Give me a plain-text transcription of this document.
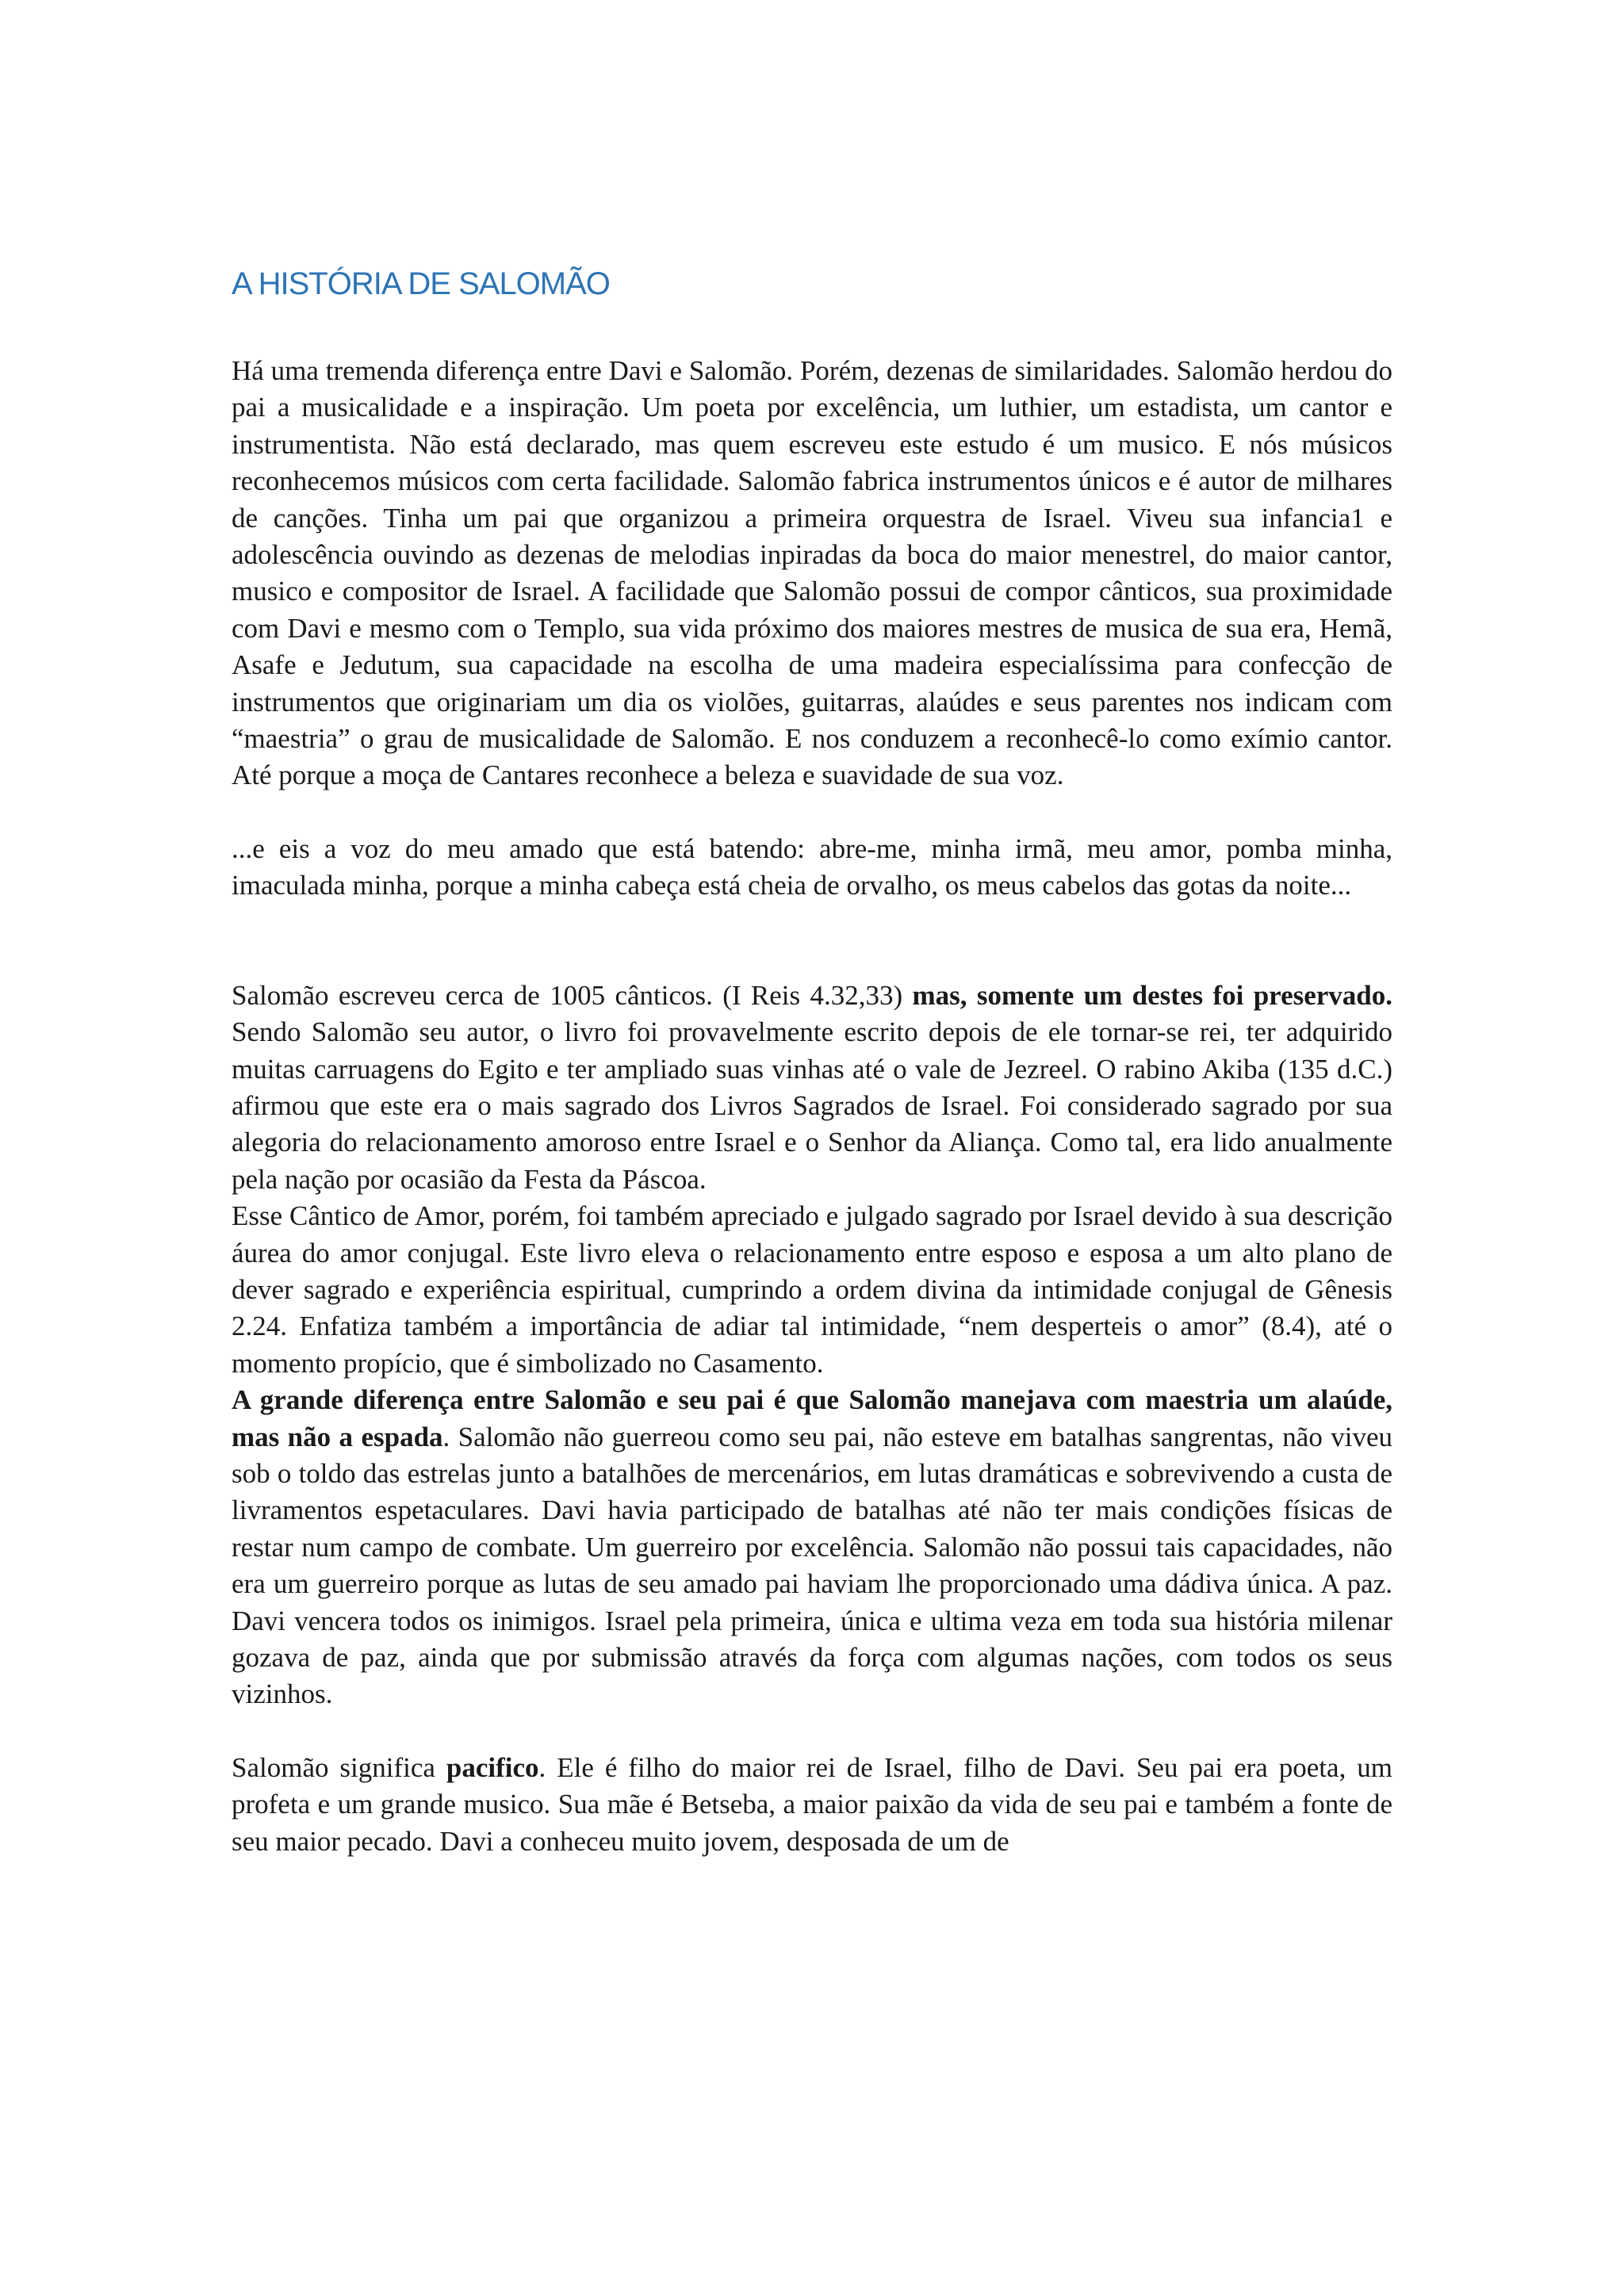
A HISTÓRIA DE SALOMÃO

Há uma tremenda diferença entre Davi e Salomão. Porém, dezenas de similaridades. Salomão herdou do pai a musicalidade e a inspiração. Um poeta por excelência, um luthier, um estadista, um cantor e instrumentista. Não está declarado, mas quem escreveu este estudo é um musico. E nós músicos reconhecemos músicos com certa facilidade. Salomão fabrica instrumentos únicos e é autor de milhares de canções. Tinha um pai que organizou a primeira orquestra de Israel. Viveu sua infancia1 e adolescência ouvindo as dezenas de melodias inpiradas da boca do maior menestrel, do maior cantor, musico e compositor de Israel. A facilidade que Salomão possui de compor cânticos, sua proximidade com Davi e mesmo com o Templo, sua vida próximo dos maiores mestres de musica de sua era, Hemã, Asafe e Jedutum, sua capacidade na escolha de uma madeira especialíssima para confecção de instrumentos que originariam um dia os violões, guitarras, alaúdes e seus parentes nos indicam com “maestria” o grau de musicalidade de Salomão. E nos conduzem a reconhecê-lo como exímio cantor. Até porque a moça de Cantares reconhece a beleza e suavidade de sua voz.

...e eis a voz do meu amado que está batendo: abre-me, minha irmã, meu amor, pomba minha, imaculada minha, porque a minha cabeça está cheia de orvalho, os meus cabelos das gotas da noite...

Salomão escreveu cerca de 1005 cânticos. (I Reis 4.32,33) mas, somente um destes foi preservado. Sendo Salomão seu autor, o livro foi provavelmente escrito depois de ele tornar-se rei, ter adquirido muitas carruagens do Egito e ter ampliado suas vinhas até o vale de Jezreel. O rabino Akiba (135 d.C.) afirmou que este era o mais sagrado dos Livros Sagrados de Israel. Foi considerado sagrado por sua alegoria do relacionamento amoroso entre Israel e o Senhor da Aliança. Como tal, era lido anualmente pela nação por ocasião da Festa da Páscoa.

Esse Cântico de Amor, porém, foi também apreciado e julgado sagrado por Israel devido à sua descrição áurea do amor conjugal. Este livro eleva o relacionamento entre esposo e esposa a um alto plano de dever sagrado e experiência espiritual, cumprindo a ordem divina da intimidade conjugal de Gênesis 2.24. Enfatiza também a importância de adiar tal intimidade, “nem desperteis o amor” (8.4), até o momento propício, que é simbolizado no Casamento.

A grande diferença entre Salomão e seu pai é que Salomão manejava com maestria um alaúde, mas não a espada. Salomão não guerreou como seu pai, não esteve em batalhas sangrentas, não viveu sob o toldo das estrelas junto a batalhões de mercenários, em lutas dramáticas e sobrevivendo a custa de livramentos espetaculares. Davi havia participado de batalhas até não ter mais condições físicas de restar num campo de combate. Um guerreiro por excelência. Salomão não possui tais capacidades, não era um guerreiro porque as lutas de seu amado pai haviam lhe proporcionado uma dádiva única. A paz. Davi vencera todos os inimigos. Israel pela primeira, única e ultima veza em toda sua história milenar gozava de paz, ainda que por submissão através da força com algumas nações, com todos os seus vizinhos.

Salomão significa pacifico. Ele é filho do maior rei de Israel, filho de Davi. Seu pai era poeta, um profeta e um grande musico. Sua mãe é Betseba, a maior paixão da vida de seu pai e também a fonte de seu maior pecado. Davi a conheceu muito jovem, desposada de um de
